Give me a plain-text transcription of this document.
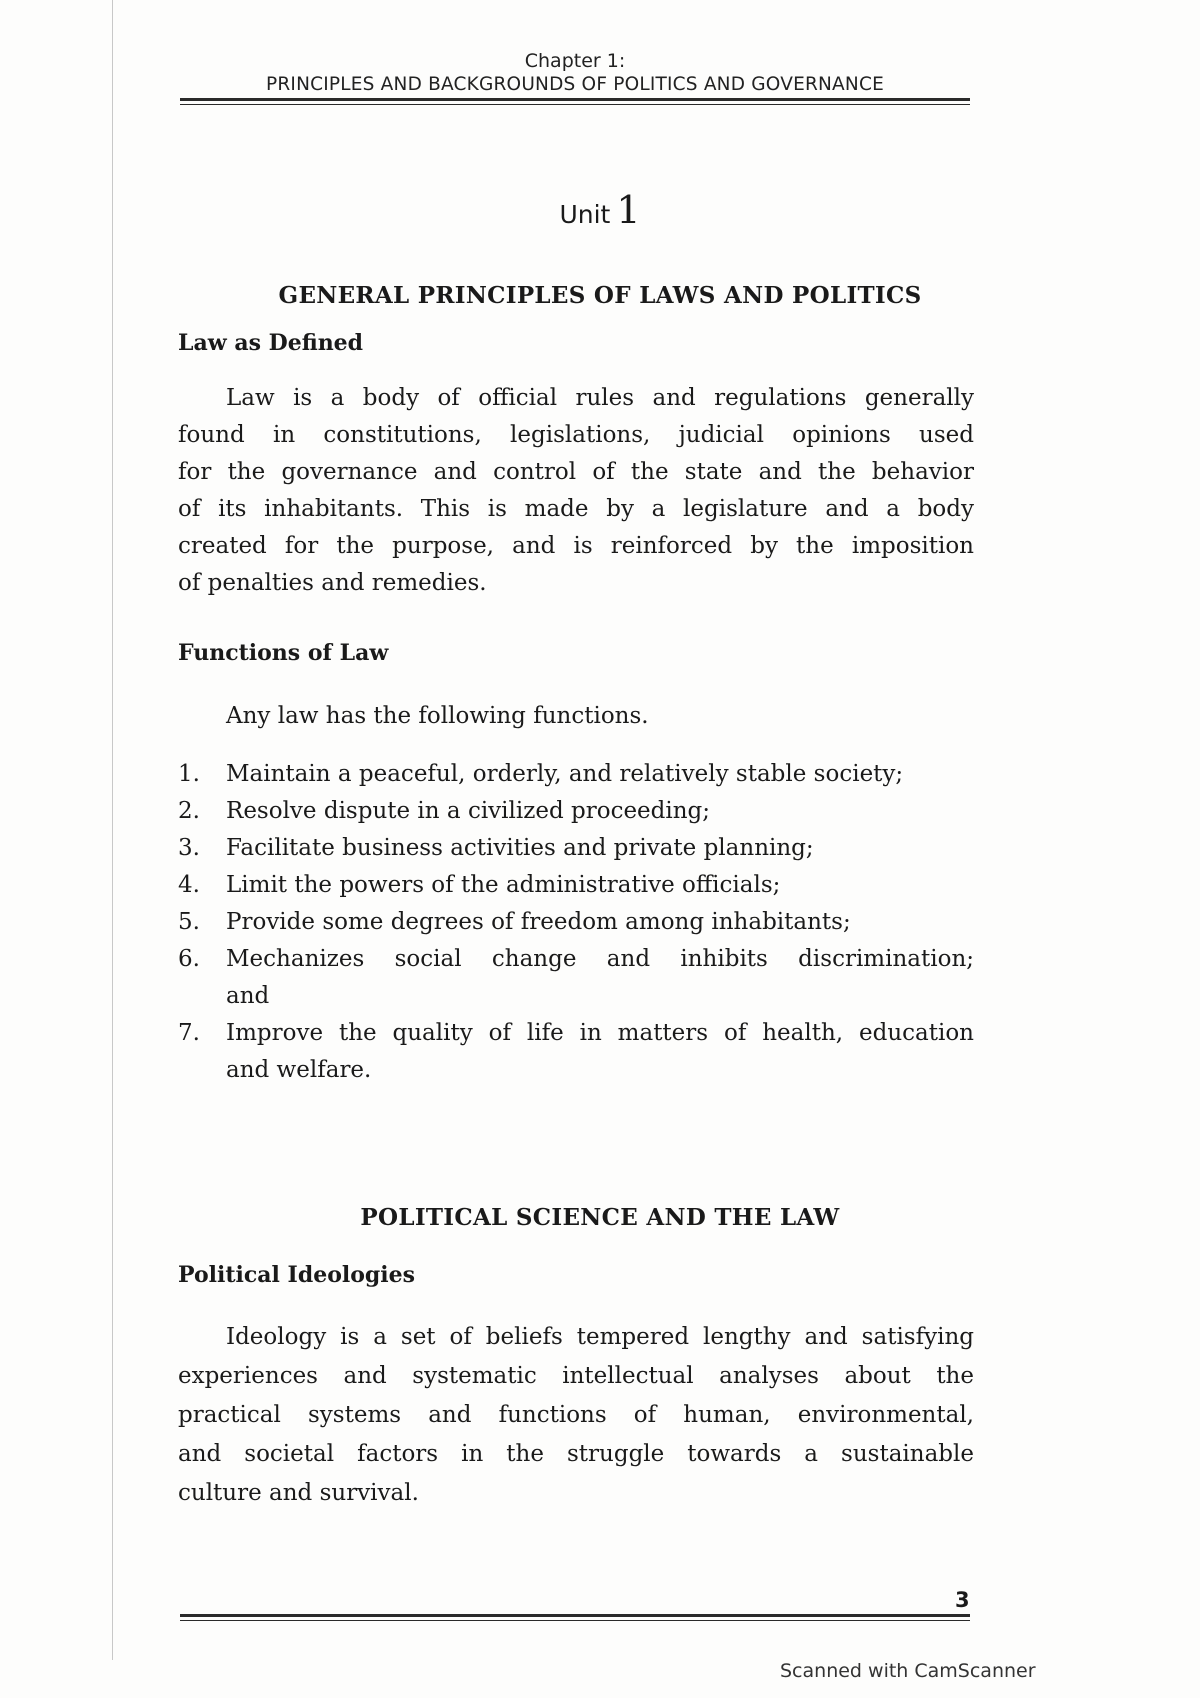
Chapter 1:
PRINCIPLES AND BACKGROUNDS OF POLITICS AND GOVERNANCE
Unit 1
GENERAL PRINCIPLES OF LAWS AND POLITICS
Law as Defined
Law is a body of official rules and regulations generally
found in constitutions, legislations, judicial opinions used
for the governance and control of the state and the behavior
of its inhabitants. This is made by a legislature and a body
created for the purpose, and is reinforced by the imposition
of penalties and remedies.
Functions of Law
Any law has the following functions.
1. Maintain a peaceful, orderly, and relatively stable society;
2. Resolve dispute in a civilized proceeding;
3. Facilitate business activities and private planning;
4. Limit the powers of the administrative officials;
5. Provide some degrees of freedom among inhabitants;
6. Mechanizes social change and inhibits discrimination;
and
7. Improve the quality of life in matters of health, education
and welfare.
POLITICAL SCIENCE AND THE LAW
Political Ideologies
Ideology is a set of beliefs tempered lengthy and satisfying
experiences and systematic intellectual analyses about the
practical systems and functions of human, environmental,
and societal factors in the struggle towards a sustainable
culture and survival.
3
Scanned with CamScanner
